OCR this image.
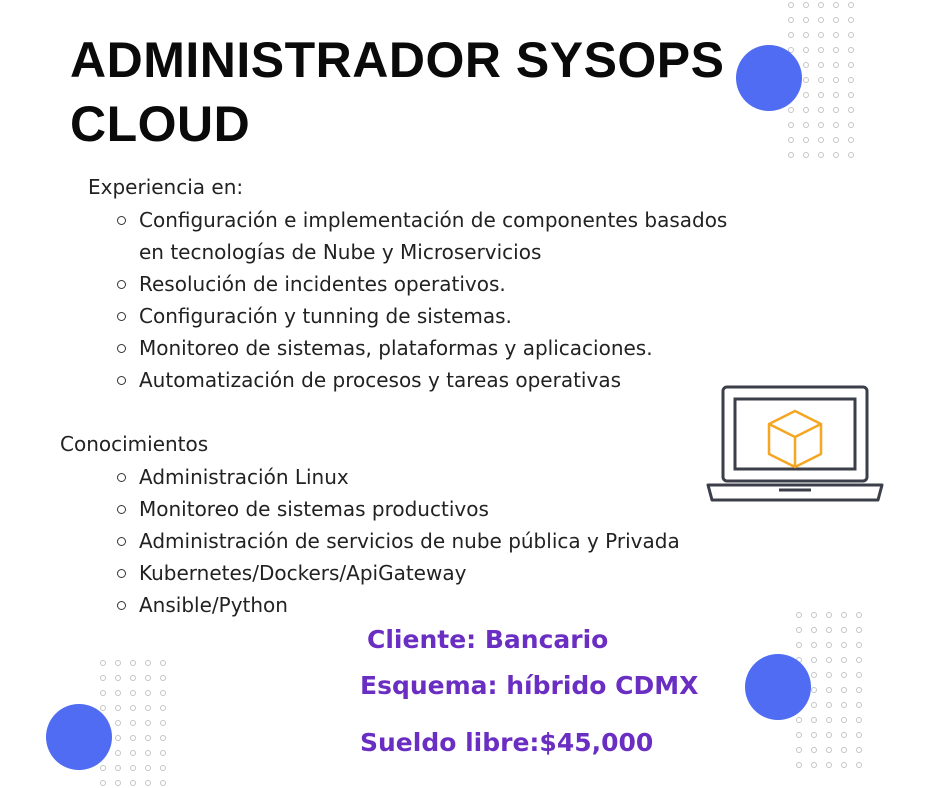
ADMINISTRADOR SYSOPS
CLOUD

Experiencia en:

Configuración e implementación de componentes basados en tecnologías de Nube y Microservicios
Resolución de incidentes operativos.
Configuración y tunning de sistemas.
Monitoreo de sistemas, plataformas y aplicaciones.
Automatización de procesos y tareas operativas

Conocimientos

Administración Linux
Monitoreo de sistemas productivos
Administración de servicios de nube pública y Privada
Kubernetes/Dockers/ApiGateway
Ansible/Python

Cliente: Bancario

Esquema: híbrido CDMX

Sueldo libre:$45,000
